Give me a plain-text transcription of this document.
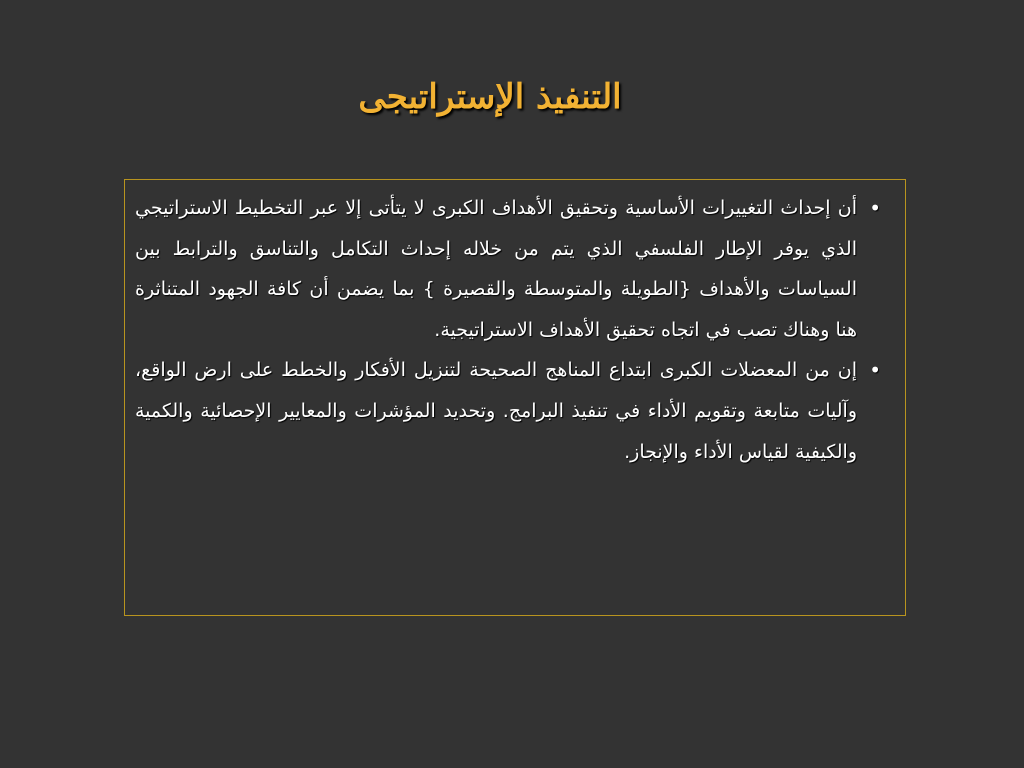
التنفيذ الإستراتيجى
•
أن إحداث التغييرات الأساسية وتحقيق الأهداف الكبرى لا يتأتى إلا عبر التخطيط الاستراتيجي الذي يوفر الإطار الفلسفي الذي يتم من خلاله إحداث التكامل والتناسق والترابط بين السياسات والأهداف {الطويلة والمتوسطة والقصيرة } بما يضمن أن كافة الجهود المتناثرة هنا وهناك تصب في اتجاه تحقيق الأهداف الاستراتيجية.
•
إن من المعضلات الكبرى ابتداع المناهج الصحيحة لتنزيل الأفكار والخطط على ارض الواقع، وآليات متابعة وتقويم الأداء في تنفيذ البرامج. وتحديد المؤشرات والمعايير الإحصائية والكمية والكيفية لقياس الأداء والإنجاز.
